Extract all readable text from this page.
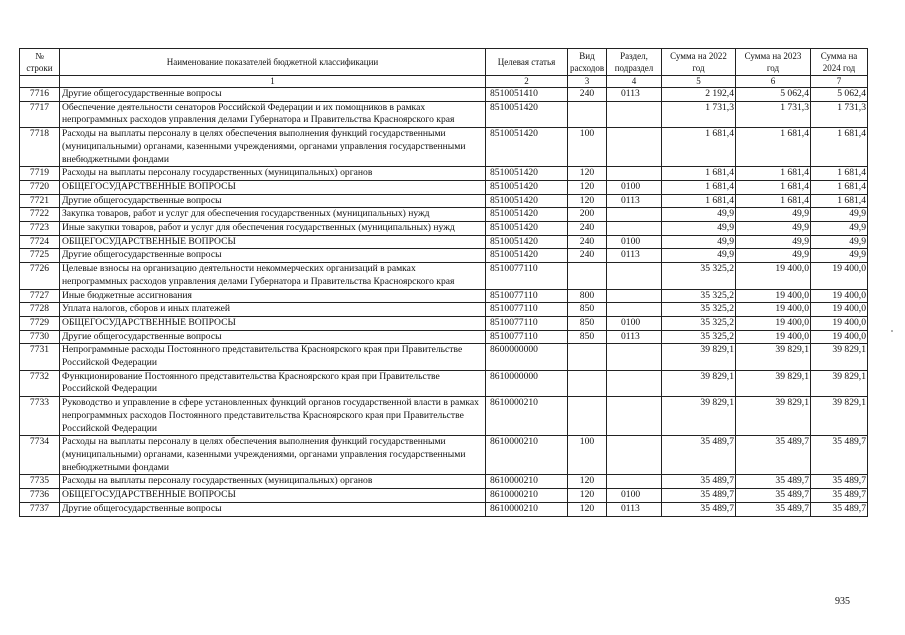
№ строки	Наименование показателей бюджетной классификации	Целевая статья	Вид расходов	Раздел, подраздел	Сумма на 2022 год	Сумма на 2023 год	Сумма на 2024 год
	1	2	3	4	5	6	7
7716	Другие общегосударственные вопросы	8510051410	240	0113	2 192,4	5 062,4	5 062,4
7717	Обеспечение деятельности сенаторов Российской Федерации и их помощников в рамках непрограммных расходов управления делами Губернатора и Правительства Красноярского края	8510051420			1 731,3	1 731,3	1 731,3
7718	Расходы на выплаты персоналу в целях обеспечения выполнения функций государственными (муниципальными) органами, казенными учреждениями, органами управления государственными внебюджетными фондами	8510051420	100		1 681,4	1 681,4	1 681,4
7719	Расходы на выплаты персоналу государственных (муниципальных) органов	8510051420	120		1 681,4	1 681,4	1 681,4
7720	ОБЩЕГОСУДАРСТВЕННЫЕ ВОПРОСЫ	8510051420	120	0100	1 681,4	1 681,4	1 681,4
7721	Другие общегосударственные вопросы	8510051420	120	0113	1 681,4	1 681,4	1 681,4
7722	Закупка товаров, работ и услуг для обеспечения государственных (муниципальных) нужд	8510051420	200		49,9	49,9	49,9
7723	Иные закупки товаров, работ и услуг для обеспечения государственных (муниципальных) нужд	8510051420	240		49,9	49,9	49,9
7724	ОБЩЕГОСУДАРСТВЕННЫЕ ВОПРОСЫ	8510051420	240	0100	49,9	49,9	49,9
7725	Другие общегосударственные вопросы	8510051420	240	0113	49,9	49,9	49,9
7726	Целевые взносы на организацию деятельности некоммерческих организаций в рамках непрограммных расходов управления делами Губернатора и Правительства Красноярского края	8510077110			35 325,2	19 400,0	19 400,0
7727	Иные бюджетные ассигнования	8510077110	800		35 325,2	19 400,0	19 400,0
7728	Уплата налогов, сборов и иных платежей	8510077110	850		35 325,2	19 400,0	19 400,0
7729	ОБЩЕГОСУДАРСТВЕННЫЕ ВОПРОСЫ	8510077110	850	0100	35 325,2	19 400,0	19 400,0
7730	Другие общегосударственные вопросы	8510077110	850	0113	35 325,2	19 400,0	19 400,0
7731	Непрограммные расходы Постоянного представительства Красноярского края при Правительстве Российской Федерации	8600000000			39 829,1	39 829,1	39 829,1
7732	Функционирование Постоянного представительства Красноярского края при Правительстве Российской Федерации	8610000000			39 829,1	39 829,1	39 829,1
7733	Руководство и управление в сфере установленных функций органов государственной власти в рамках непрограммных расходов Постоянного представительства Красноярского края при Правительстве Российской Федерации	8610000210			39 829,1	39 829,1	39 829,1
7734	Расходы на выплаты персоналу в целях обеспечения выполнения функций государственными (муниципальными) органами, казенными учреждениями, органами управления государственными внебюджетными фондами	8610000210	100		35 489,7	35 489,7	35 489,7
7735	Расходы на выплаты персоналу государственных (муниципальных) органов	8610000210	120		35 489,7	35 489,7	35 489,7
7736	ОБЩЕГОСУДАРСТВЕННЫЕ ВОПРОСЫ	8610000210	120	0100	35 489,7	35 489,7	35 489,7
7737	Другие общегосударственные вопросы	8610000210	120	0113	35 489,7	35 489,7	35 489,7
935
